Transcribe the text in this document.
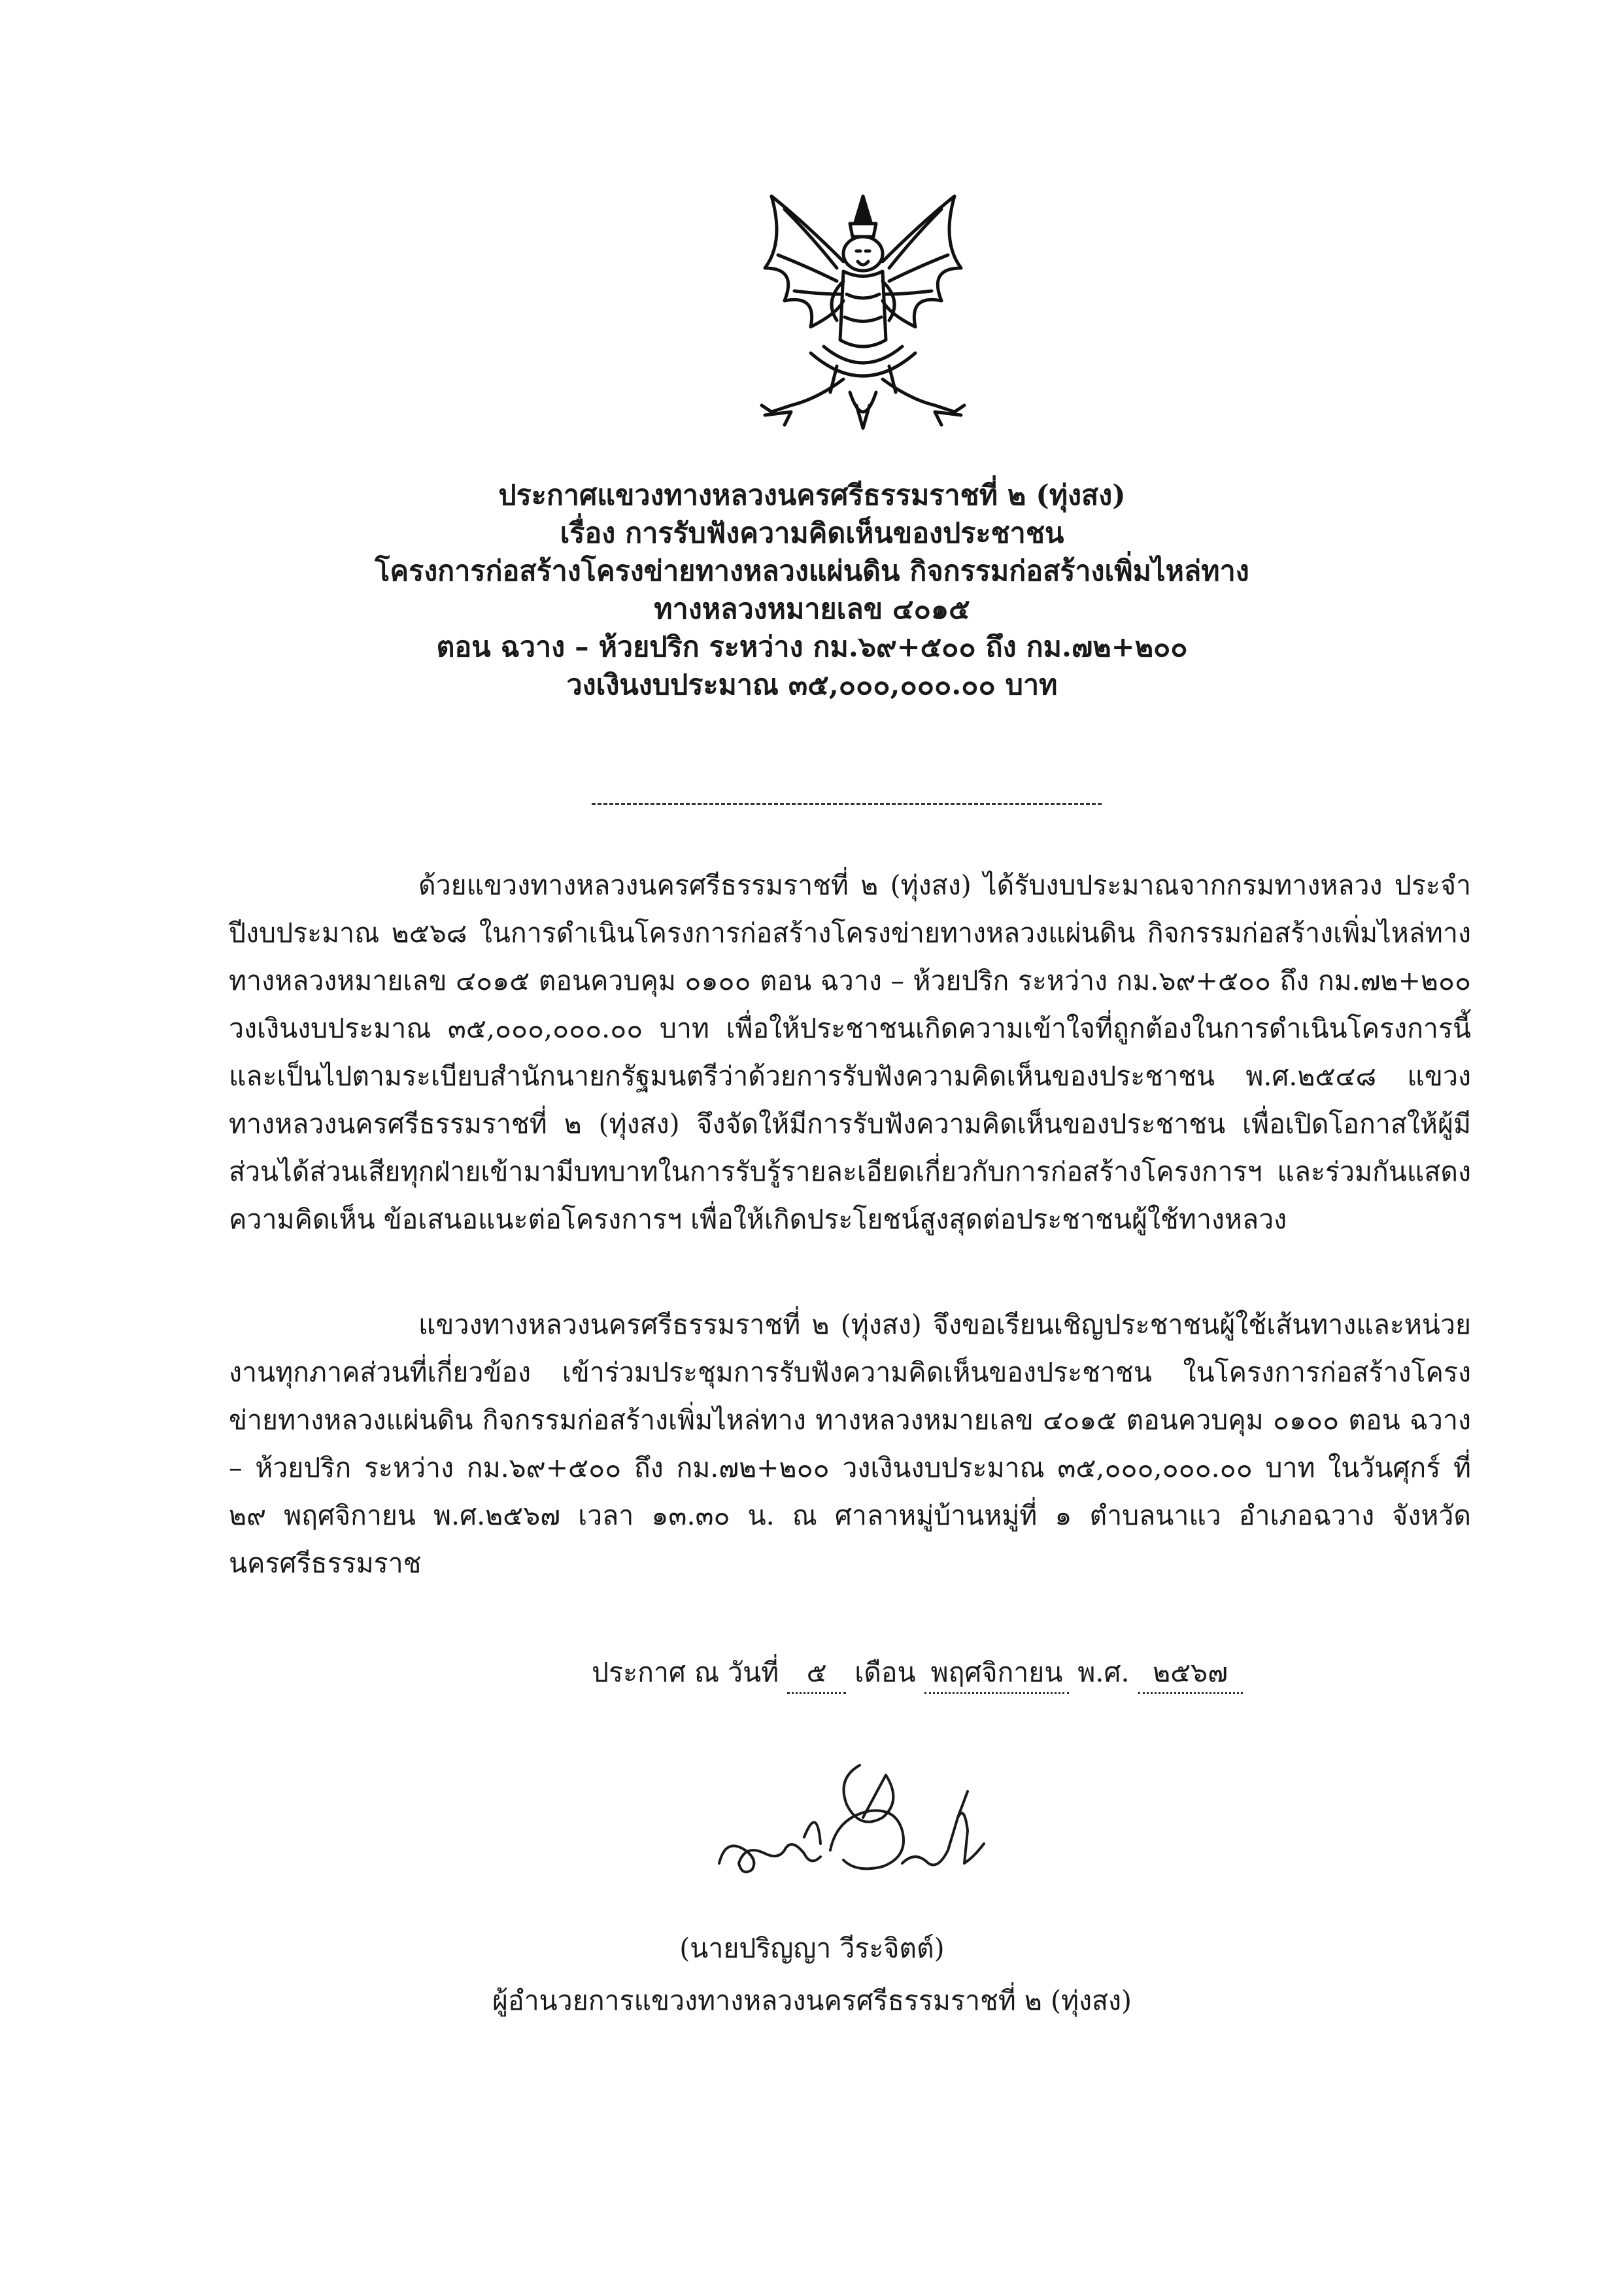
ประกาศแขวงทางหลวงนครศรีธรรมราชที่ ๒ (ทุ่งสง)
เรื่อง การรับฟังความคิดเห็นของประชาชน
โครงการก่อสร้างโครงข่ายทางหลวงแผ่นดิน กิจกรรมก่อสร้างเพิ่มไหล่ทาง
ทางหลวงหมายเลข ๔๐๑๕
ตอน ฉวาง – ห้วยปริก ระหว่าง กม.๖๙+๕๐๐ ถึง กม.๗๒+๒๐๐
วงเงินงบประมาณ ๓๕,๐๐๐,๐๐๐.๐๐ บาท
ด้วยแขวงทางหลวงนครศรีธรรมราชที่ ๒ (ทุ่งสง) ได้รับงบประมาณจากกรมทางหลวง ประจำปีงบประมาณ ๒๕๖๘ ในการดำเนินโครงการก่อสร้างโครงข่ายทางหลวงแผ่นดิน กิจกรรมก่อสร้างเพิ่มไหล่ทาง ทางหลวงหมายเลข ๔๐๑๕ ตอนควบคุม ๐๑๐๐ ตอน ฉวาง – ห้วยปริก ระหว่าง กม.๖๙+๕๐๐ ถึง กม.๗๒+๒๐๐ วงเงินงบประมาณ ๓๕,๐๐๐,๐๐๐.๐๐ บาท เพื่อให้ประชาชนเกิดความเข้าใจที่ถูกต้องในการดำเนินโครงการนี้ และเป็นไปตามระเบียบสำนักนายกรัฐมนตรีว่าด้วยการรับฟังความคิดเห็นของประชาชน พ.ศ.๒๕๔๘ แขวงทางหลวงนครศรีธรรมราชที่ ๒ (ทุ่งสง) จึงจัดให้มีการรับฟังความคิดเห็นของประชาชน เพื่อเปิดโอกาสให้ผู้มีส่วนได้ส่วนเสียทุกฝ่ายเข้ามามีบทบาทในการรับรู้รายละเอียดเกี่ยวกับการก่อสร้างโครงการฯ และร่วมกันแสดงความคิดเห็น ข้อเสนอแนะต่อโครงการฯ เพื่อให้เกิดประโยชน์สูงสุดต่อประชาชนผู้ใช้ทางหลวง
แขวงทางหลวงนครศรีธรรมราชที่ ๒ (ทุ่งสง) จึงขอเรียนเชิญประชาชนผู้ใช้เส้นทางและหน่วยงานทุกภาคส่วนที่เกี่ยวข้อง เข้าร่วมประชุมการรับฟังความคิดเห็นของประชาชน ในโครงการก่อสร้างโครงข่ายทางหลวงแผ่นดิน กิจกรรมก่อสร้างเพิ่มไหล่ทาง ทางหลวงหมายเลข ๔๐๑๕ ตอนควบคุม ๐๑๐๐ ตอน ฉวาง – ห้วยปริก ระหว่าง กม.๖๙+๕๐๐ ถึง กม.๗๒+๒๐๐ วงเงินงบประมาณ ๓๕,๐๐๐,๐๐๐.๐๐ บาท ในวันศุกร์ ที่ ๒๙ พฤศจิกายน พ.ศ.๒๕๖๗ เวลา ๑๓.๓๐ น. ณ ศาลาหมู่บ้านหมู่ที่ ๑ ตำบลนาแว อำเภอฉวาง จังหวัดนครศรีธรรมราช
ประกาศ ณ วันที่ ๕ เดือน พฤศจิกายน พ.ศ. ๒๕๖๗
(นายปริญญา วีระจิตต์)
ผู้อำนวยการแขวงทางหลวงนครศรีธรรมราชที่ ๒ (ทุ่งสง)
